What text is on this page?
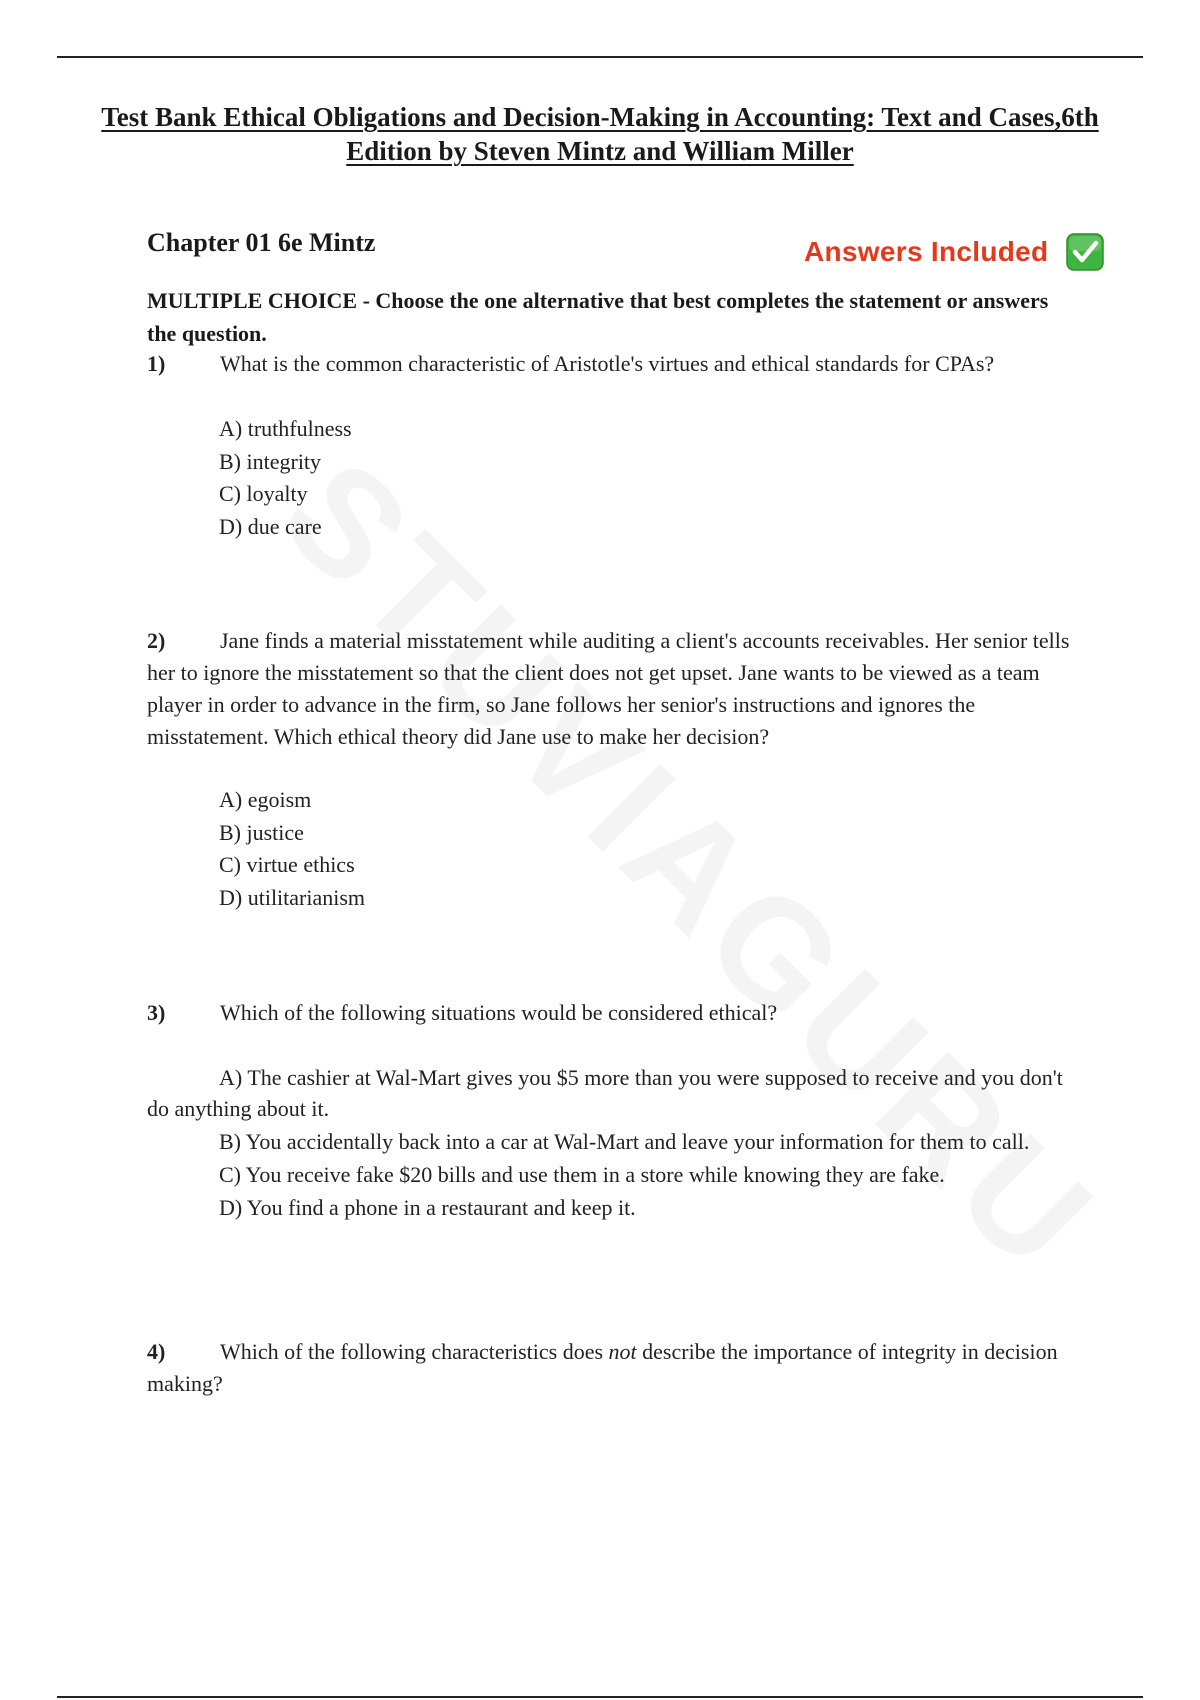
Test Bank Ethical Obligations and Decision-Making in Accounting: Text and Cases,6th
Edition by Steven Mintz and William Miller
Chapter 01 6e Mintz	Answers Included

MULTIPLE CHOICE - Choose the one alternative that best completes the statement or answers the question.

1) What is the common characteristic of Aristotle's virtues and ethical standards for CPAs?
A) truthfulness
B) integrity
C) loyalty
D) due care
2) Jane finds a material misstatement while auditing a client's accounts receivables. Her senior tells her to ignore the misstatement so that the client does not get upset. Jane wants to be viewed as a team player in order to advance in the firm, so Jane follows her senior's instructions and ignores the misstatement. Which ethical theory did Jane use to make her decision?
A) egoism
B) justice
C) virtue ethics
D) utilitarianism
3) Which of the following situations would be considered ethical?
A) The cashier at Wal-Mart gives you $5 more than you were supposed to receive and you don't do anything about it.
B) You accidentally back into a car at Wal-Mart and leave your information for them to call.
C) You receive fake $20 bills and use them in a store while knowing they are fake.
D) You find a phone in a restaurant and keep it.
4) Which of the following characteristics does not describe the importance of integrity in decision making?
